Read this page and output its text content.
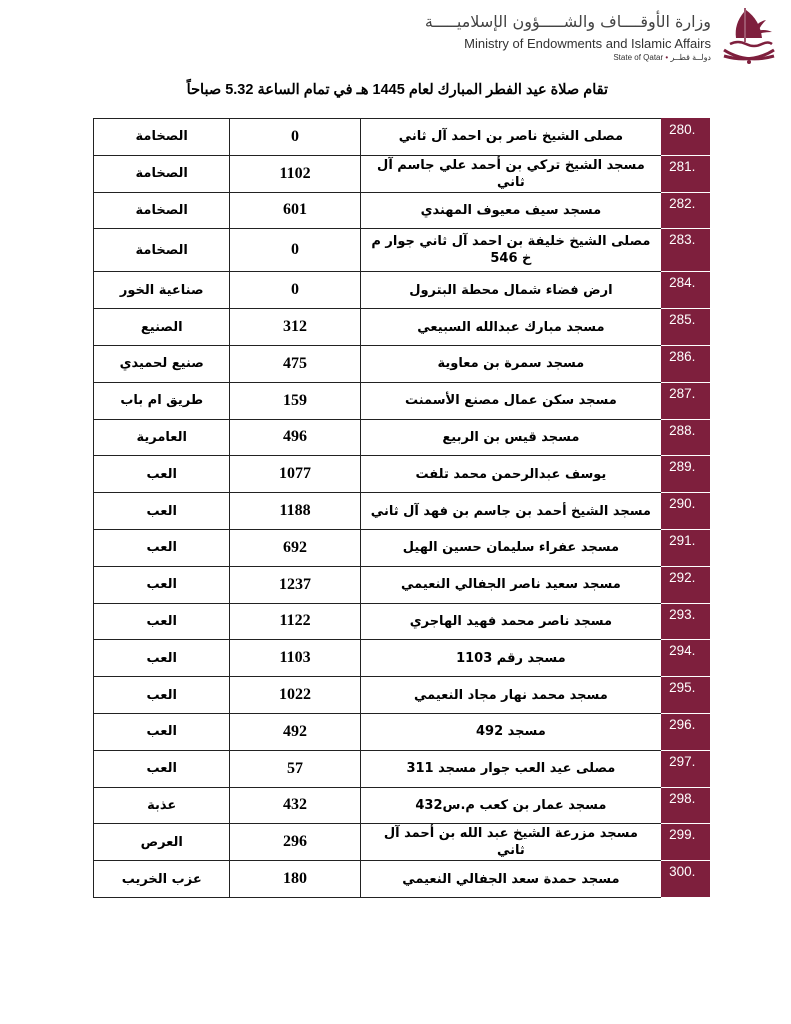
وزارة الأوقــــاف والشـــــؤون الإسلاميـــــة
Ministry of Endowments and Islamic Affairs
State of Qatar • دولــة قطــر
تقام صلاة عيد الفطر المبارك لعام 1445 هـ في تمام الساعة 5.32 صباحاً
280.	مصلى الشيخ ناصر بن احمد آل ثاني	0	الصخامة
281.	مسجد الشيخ تركي بن أحمد علي جاسم آل ثاني	1102	الصخامة
282.	مسجد سيف معيوف المهندي	601	الصخامة
283.	مصلى الشيخ خليفة بن احمد آل ثاني جوار م خ 546	0	الصخامة
284.	ارض فضاء شمال محطة البترول	0	صناعية الخور
285.	مسجد مبارك عبدالله السبيعي	312	الصنيع
286.	مسجد سمرة بن معاوية	475	صنيع لحميدي
287.	مسجد سكن عمال مصنع الأسمنت	159	طريق ام باب
288.	مسجد قيس بن الربيع	496	العامرية
289.	يوسف عبدالرحمن محمد تلفت	1077	العب
290.	مسجد الشيخ أحمد بن جاسم بن فهد آل ثاني	1188	العب
291.	مسجد عفراء سليمان حسين الهيل	692	العب
292.	مسجد سعيد ناصر الجفالي النعيمي	1237	العب
293.	مسجد ناصر محمد فهيد الهاجري	1122	العب
294.	مسجد رقم 1103	1103	العب
295.	مسجد محمد نهار مجاد النعيمي	1022	العب
296.	مسجد 492	492	العب
297.	مصلى عيد العب جوار مسجد 311	57	العب
298.	مسجد عمار بن كعب م.س432	432	عذبة
299.	مسجد مزرعة الشيخ عبد الله بن أحمد آل ثاني	296	العرص
300.	مسجد حمدة سعد الجفالي النعيمي	180	عزب الخريب
